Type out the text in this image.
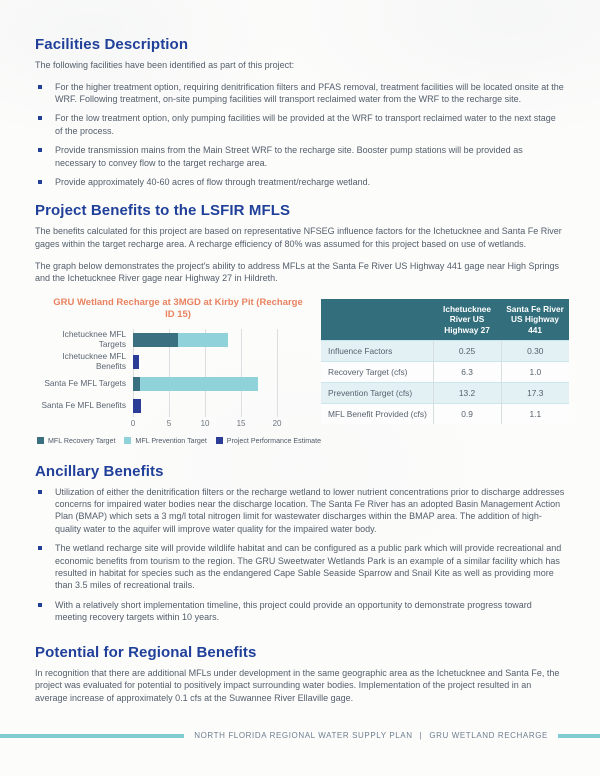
Facilities Description

The following facilities have been identified as part of this project:

For the higher treatment option, requiring denitrification filters and PFAS removal, treatment facilities will be located onsite at the WRF. Following treatment, on-site pumping facilities will transport reclaimed water from the WRF to the recharge site.
For the low treatment option, only pumping facilities will be provided at the WRF to transport reclaimed water to the next stage of the process.
Provide transmission mains from the Main Street WRF to the recharge site. Booster pump stations will be provided as necessary to convey flow to the target recharge area.
Provide approximately 40-60 acres of flow through treatment/recharge wetland.
Project Benefits to the LSFIR MFLS

The benefits calculated for this project are based on representative NFSEG influence factors for the Ichetucknee and Santa Fe River gages within the target recharge area. A recharge efficiency of 80% was assumed for this project based on use of wetlands.

The graph below demonstrates the project's ability to address MFLs at the Santa Fe River US Highway 441 gage near High Springs and the Ichetucknee River gage near Highway 27 in Hildreth.

GRU Wetland Recharge at 3MGD at Kirby Pit (Recharge ID 15)
Ichetucknee MFL Targets
Ichetucknee MFL Benefits
Santa Fe MFL Targets
Santa Fe MFL Benefits
0	5	10	15	20
MFL Recovery Target	MFL Prevention Target	Project Performance Estimate
	Ichetucknee River US Highway 27	Santa Fe River US Highway 441
Influence Factors	0.25	0.30
Recovery Target (cfs)	6.3	1.0
Prevention Target (cfs)	13.2	17.3
MFL Benefit Provided (cfs)	0.9	1.1
Ancillary Benefits
Utilization of either the denitrification filters or the recharge wetland to lower nutrient concentrations prior to discharge addresses concerns for impaired water bodies near the discharge location. The Santa Fe River has an adopted Basin Management Action Plan (BMAP) which sets a 3 mg/l total nitrogen limit for wastewater discharges within the BMAP area. The addition of high-quality water to the aquifer will improve water quality for the impaired water body.
The wetland recharge site will provide wildlife habitat and can be configured as a public park which will provide recreational and economic benefits from tourism to the region. The GRU Sweetwater Wetlands Park is an example of a similar facility which has resulted in habitat for species such as the endangered Cape Sable Seaside Sparrow and Snail Kite as well as providing more than 3.5 miles of recreational trails.
With a relatively short implementation timeline, this project could provide an opportunity to demonstrate progress toward meeting recovery targets within 10 years.
Potential for Regional Benefits

In recognition that there are additional MFLs under development in the same geographic area as the Ichetucknee and Santa Fe, the project was evaluated for potential to positively impact surrounding water bodies. Implementation of the project resulted in an average increase of approximately 0.1 cfs at the Suwannee River Ellaville gage.

NORTH FLORIDA REGIONAL WATER SUPPLY PLAN | GRU WETLAND RECHARGE
